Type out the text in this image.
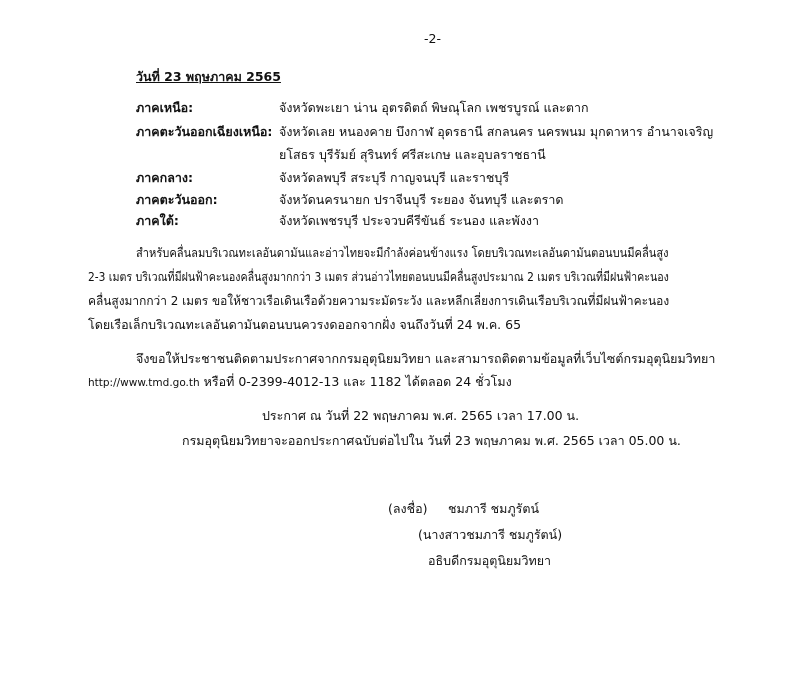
-2-
วันที่ 23 พฤษภาคม 2565
ภาคเหนือ:	จังหวัดพะเยา น่าน อุตรดิตถ์ พิษณุโลก เพชรบูรณ์ และตาก
ภาคตะวันออกเฉียงเหนือ: จังหวัดเลย หนองคาย บึงกาฬ อุดรธานี สกลนคร นครพนม มุกดาหาร อำนาจเจริญ
ยโสธร บุรีรัมย์ สุรินทร์ ศรีสะเกษ และอุบลราชธานี
ภาคกลาง:	จังหวัดลพบุรี สระบุรี กาญจนบุรี และราชบุรี
ภาคตะวันออก:	จังหวัดนครนายก ปราจีนบุรี ระยอง จันทบุรี และตราด
ภาคใต้:	จังหวัดเพชรบุรี ประจวบคีรีขันธ์ ระนอง และพังงา
สำหรับคลื่นลมบริเวณทะเลอันดามันและอ่าวไทยจะมีกำลังค่อนข้างแรง โดยบริเวณทะเลอันดามันตอนบนมีคลื่นสูง
2-3 เมตร บริเวณที่มีฝนฟ้าคะนองคลื่นสูงมากกว่า 3 เมตร ส่วนอ่าวไทยตอนบนมีคลื่นสูงประมาณ 2 เมตร บริเวณที่มีฝนฟ้าคะนอง
คลื่นสูงมากกว่า 2 เมตร ขอให้ชาวเรือเดินเรือด้วยความระมัดระวัง และหลีกเลี่ยงการเดินเรือบริเวณที่มีฝนฟ้าคะนอง
โดยเรือเล็กบริเวณทะเลอันดามันตอนบนควรงดออกจากฝั่ง จนถึงวันที่ 24 พ.ค. 65
จึงขอให้ประชาชนติดตามประกาศจากกรมอุตุนิยมวิทยา และสามารถติดตามข้อมูลที่เว็บไซต์กรมอุตุนิยมวิทยา
http://www.tmd.go.th หรือที่ 0-2399-4012-13 และ 1182 ได้ตลอด 24 ชั่วโมง
ประกาศ ณ วันที่ 22 พฤษภาคม พ.ศ. 2565 เวลา 17.00 น.
กรมอุตุนิยมวิทยาจะออกประกาศฉบับต่อไปใน วันที่ 23 พฤษภาคม พ.ศ. 2565 เวลา 05.00 น.
(ลงชื่อ) ชมภารี ชมภูรัตน์
(นางสาวชมภารี ชมภูรัตน์)
อธิบดีกรมอุตุนิยมวิทยา
